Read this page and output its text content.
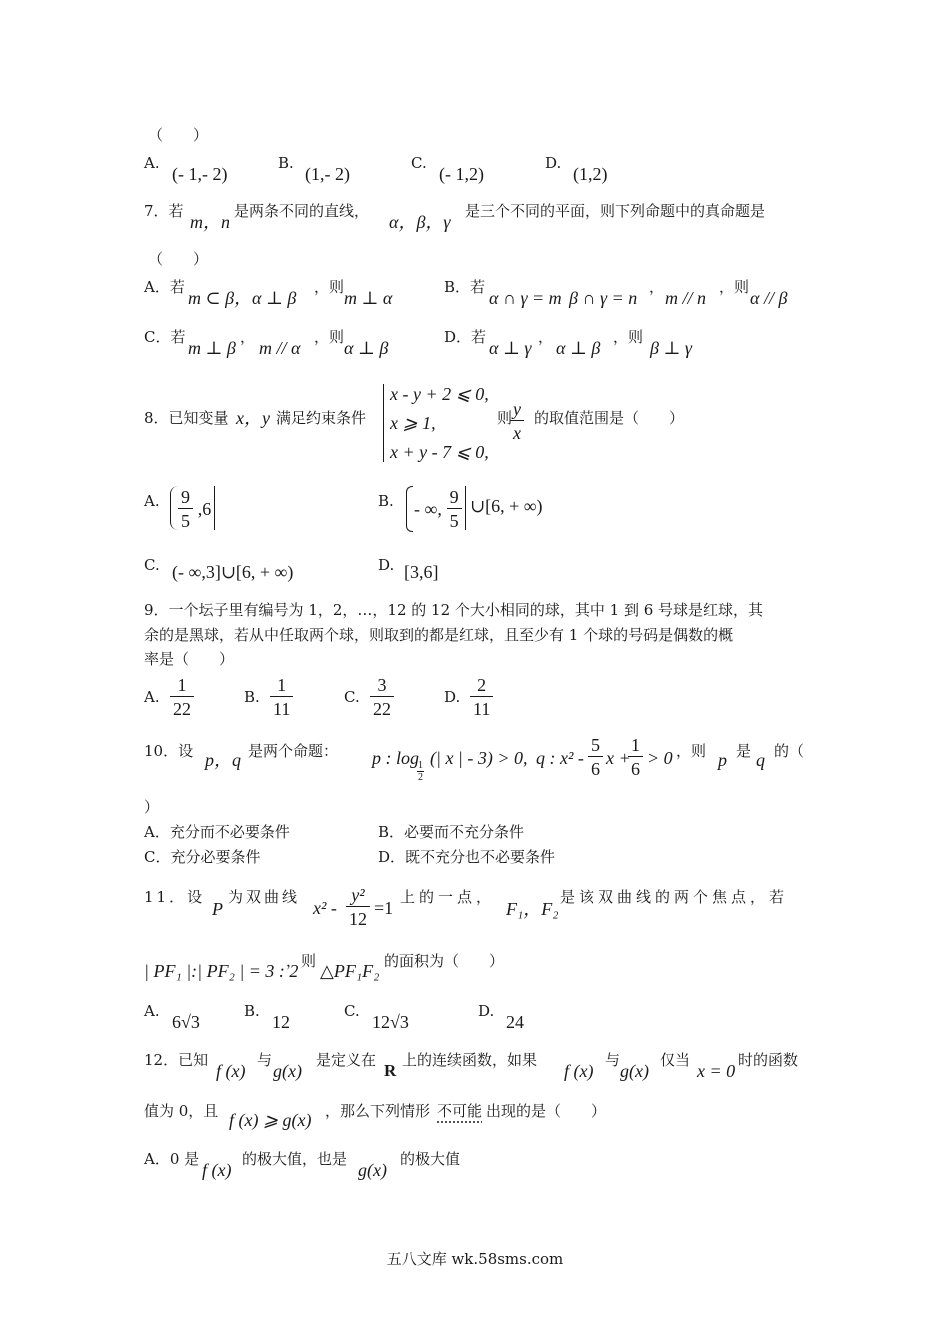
（　　）
A.
(- 1,- 2)
B.
(1,- 2)
C.
(- 1,2)
D.
(1,2)
7．若
m，n
是两条不同的直线，
α，β，γ
是三个不同的平面，则下列命题中的真命题是
（　　）
A．若
m ⊂ β，α ⊥ β
，则
m ⊥ α
B．若
α ∩ γ = m β ∩ γ = n
，
m // n
，则
α // β
C．若
m ⊥ β
，
m // α
，则
α ⊥ β
D．若
α ⊥ γ
，
α ⊥ β
，则
β ⊥ γ
8．已知变量 x，y 满足约束条件
x - y + 2 ⩽ 0,
x ⩾ 1,
x + y - 7 ⩽ 0,
则
$\frac{y}{x}$ 的取值范围是（　　）
A. $\frac{9}{5} ,6$	B. - ∞, $\frac{9}{5}$ ∪[6, + ∞)
C. (- ∞,3]∪[6, + ∞)	D. [3,6]
9．一个坛子里有编号为 1，2，…，12 的 12 个大小相同的球，其中 1 到 6 号球是红球，其
余的是黑球，若从中任取两个球，则取到的都是红球，且至少有 1 个球的号码是偶数的概
率是（　　）
A. $\frac{1}{22}$	B. $\frac{1}{11}$	C. $\frac{3}{22}$	D. $\frac{2}{11}$
10．设 p，q 是两个命题： p : log
$\frac{1}{2}$
(| x | - 3) > 0, q : $x^2 - \frac{5}{6}$ x +
$\frac{1}{6} > 0$ ，则 p 是 q 的（
）
A．充分而不必要条件	B．必要而不充分条件
C．充分必要条件	D．既不充分也不必要条件
11．设
P
为双曲线
$x^2 - \frac{\text{y²}}{12} =1$
上的一点，
F₁，F₂
是该双曲线的两个焦点，若
| PF₁ |:| PF₂ | = 3 : 2
，则 △PF₁F₂ 的面积为（　　）
A.
6√3
B.
12
C.
12√3
D.
24
12．已知
f (x)
与
g(x)
是定义在
R
上的连续函数，如果
f (x)
与
g(x)
仅当
x = 0
时的函数
值为 0，且 f (x) ⩾ g(x) ，那么下列情形 不可能 出现的是（　　）
A．0 是
f (x)
的极大值，也是
g(x)
的极大值
五八文库 wk.58sms.com
